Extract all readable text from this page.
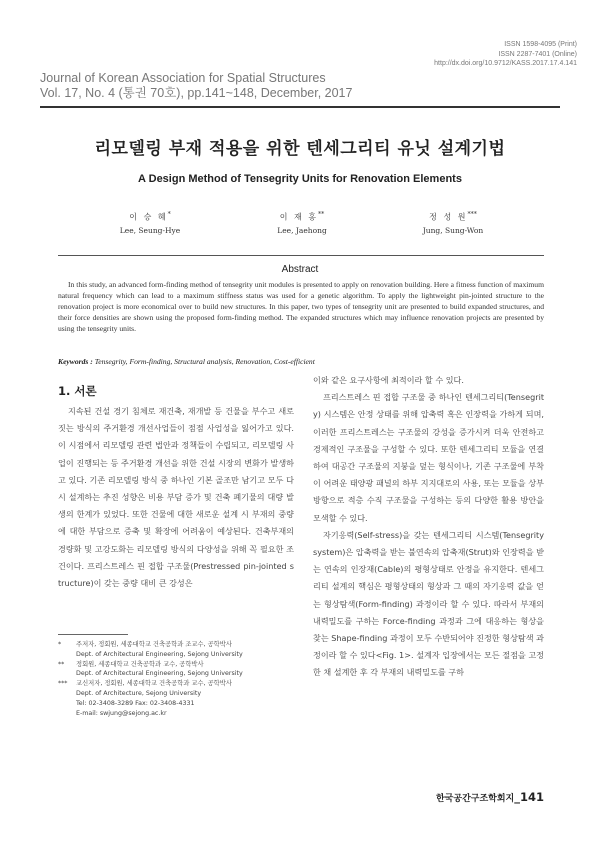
ISSN 1598-4095 (Print)
ISSN 2287-7401 (Online)
http://dx.doi.org/10.9712/KASS.2017.17.4.141
Journal of Korean Association for Spatial Structures
Vol. 17, No. 4 (통권 70호), pp.141~148, December, 2017
리모델링 부재 적용을 위한 텐세그리티 유닛 설계기법
A Design Method of Tensegrity Units for Renovation Elements
이 승 혜*
Lee, Seung-Hye
이 재 홍**
Lee, Jaehong
정 성 원***
Jung, Sung-Won
Abstract
In this study, an advanced form-finding method of tensegrity unit modules is presented to apply on renovation building. Here a fitness function of maximum natural frequency which can lead to a maximum stiffness status was used for a genetic algorithm. To apply the lightweight pin-jointed structure to the renovation project is more economical over to build new structures. In this paper, two types of tensegrity unit are presented to build expanded structures, and their force densities are shown using the proposed form-finding method. The expanded structures which may influence renovation projects are presented by using the tensegrity units.
Keywords : Tensegrity, Form-finding, Structural analysis, Renovation, Cost-efficient
1. 서론

지속된 건설 경기 침체로 재건축, 재개발 등 건물을 부수고 새로 짓는 방식의 주거환경 개선사업들이 점점 사업성을 잃어가고 있다. 이 시점에서 리모델링 관련 법안과 정책들이 수립되고, 리모델링 사업이 진행되는 등 주거환경 개선을 위한 건설 시장의 변화가 발생하고 있다. 기존 리모델링 방식 중 하나인 기본 골조만 남기고 모두 다시 설계하는 추진 성향은 비용 부담 증가 및 건축 폐기물의 대량 발생의 한계가 있었다. 또한 건물에 대한 새로운 설계 시 부재의 중량에 대한 부담으로 증축 및 확장에 어려움이 예상된다. 건축부재의 경량화 및 고강도화는 리모델링 방식의 다양성을 위해 꼭 필요한 조건이다. 프리스트레스 핀 접합 구조물(Prestressed pin-jointed structure)이 갖는 중량 대비 큰 강성은

*	주저자, 정회원, 세종대학교 건축공학과 조교수, 공학박사
Dept. of Architectural Engineering, Sejong University
**	정회원, 세종대학교 건축공학과 교수, 공학박사
Dept. of Architectural Engineering, Sejong University
***	교신저자, 정회원, 세종대학교 건축공학과 교수, 공학박사
Dept. of Architecture, Sejong University
Tel: 02-3408-3289 Fax: 02-3408-4331
E-mail: swjung@sejong.ac.kr

이와 같은 요구사항에 최적이라 할 수 있다.

프리스트레스 핀 접합 구조물 중 하나인 텐세그리티(Tensegrity) 시스템은 안정 상태를 위해 압축력 혹은 인장력을 가하게 되며, 이러한 프리스트레스는 구조물의 강성을 증가시켜 더욱 안전하고 경제적인 구조물을 구성할 수 있다. 또한 텐세그리티 모듈을 연결하여 대공간 구조물의 지붕을 덮는 형식이나, 기존 구조물에 부착이 어려운 태양광 패널의 하부 지지대로의 사용, 또는 모듈을 상부 방향으로 적층 수직 구조물을 구성하는 등의 다양한 활용 방안을 모색할 수 있다.

자기응력(Self-stress)을 갖는 텐세그리티 시스템(Tensegrity system)은 압축력을 받는 불연속의 압축재(Strut)와 인장력을 받는 연속의 인장재(Cable)의 평형상태로 안정을 유지한다. 텐세그리티 설계의 핵심은 평형상태의 형상과 그 때의 자기응력 값을 얻는 형상탐색(Form-finding) 과정이라 할 수 있다. 따라서 부재의 내력밀도를 구하는 Force-finding 과정과 그에 대응하는 형상을 찾는 Shape-finding 과정이 모두 수반되어야 진정한 형상탐색 과정이라 할 수 있다<Fig. 1>. 설계자 입장에서는 모든 절점을 고정한 채 설계한 후 각 부재의 내력밀도를 구하

한국공간구조학회지_141
